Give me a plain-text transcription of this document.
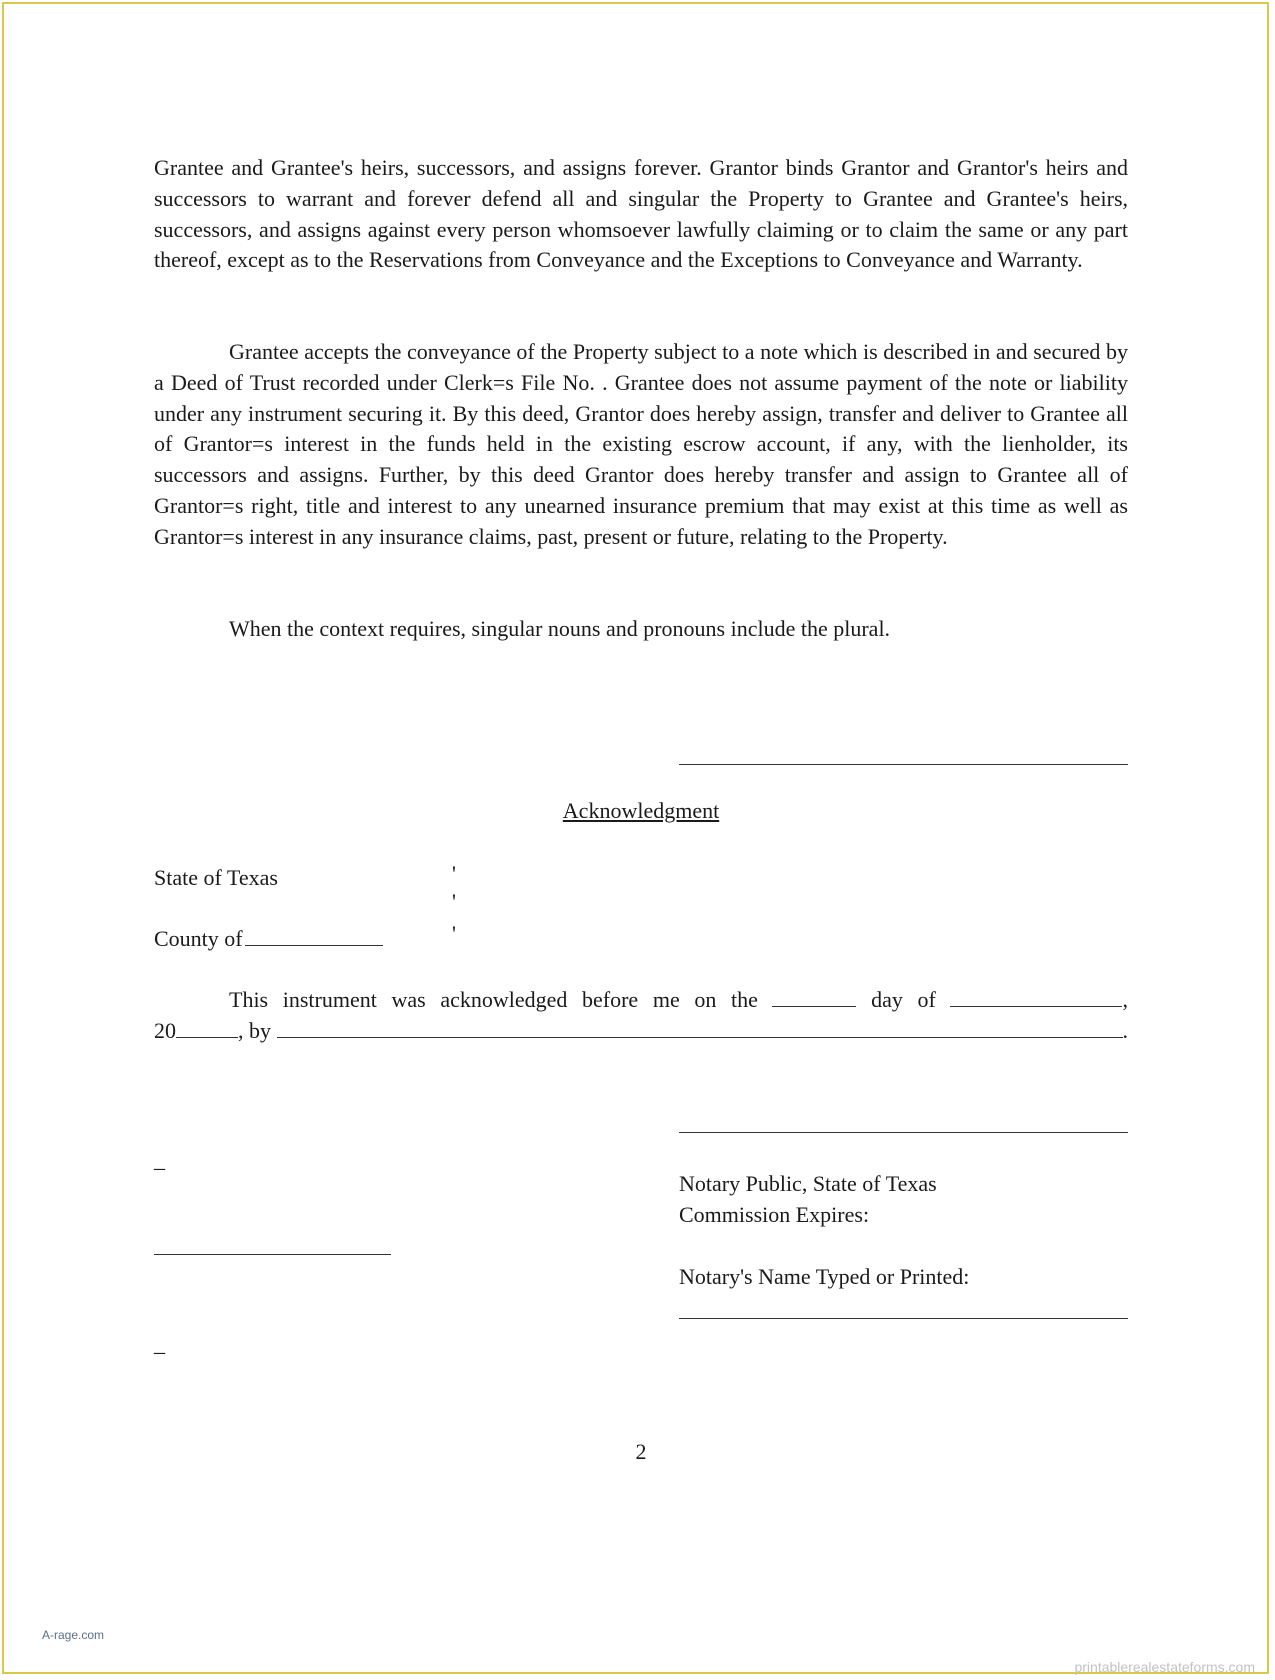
Grantee and Grantee's heirs, successors, and assigns forever. Grantor binds Grantor and Grantor's heirs and successors to warrant and forever defend all and singular the Property to Grantee and Grantee's heirs, successors, and assigns against every person whomsoever lawfully claiming or to claim the same or any part thereof, except as to the Reservations from Conveyance and the Exceptions to Conveyance and Warranty.

Grantee accepts the conveyance of the Property subject to a note which is described in and secured by a Deed of Trust recorded under Clerk=s File No. . Grantee does not assume payment of the note or liability under any instrument securing it. By this deed, Grantor does hereby assign, transfer and deliver to Grantee all of Grantor=s interest in the funds held in the existing escrow account, if any, with the lienholder, its successors and assigns. Further, by this deed Grantor does hereby transfer and assign to Grantee all of Grantor=s right, title and interest to any unearned insurance premium that may exist at this time as well as Grantor=s interest in any insurance claims, past, present or future, relating to the Property.

When the context requires, singular nouns and pronouns include the plural.

Acknowledgment
State of Texas
County of
'
'
'
This instrument was acknowledged before me on the	day of	,
20	, by
	.
_
Notary Public, State of Texas
Commission Expires:
Notary's Name Typed or Printed:
_
2
A-rage.com
printablerealestateforms.com
